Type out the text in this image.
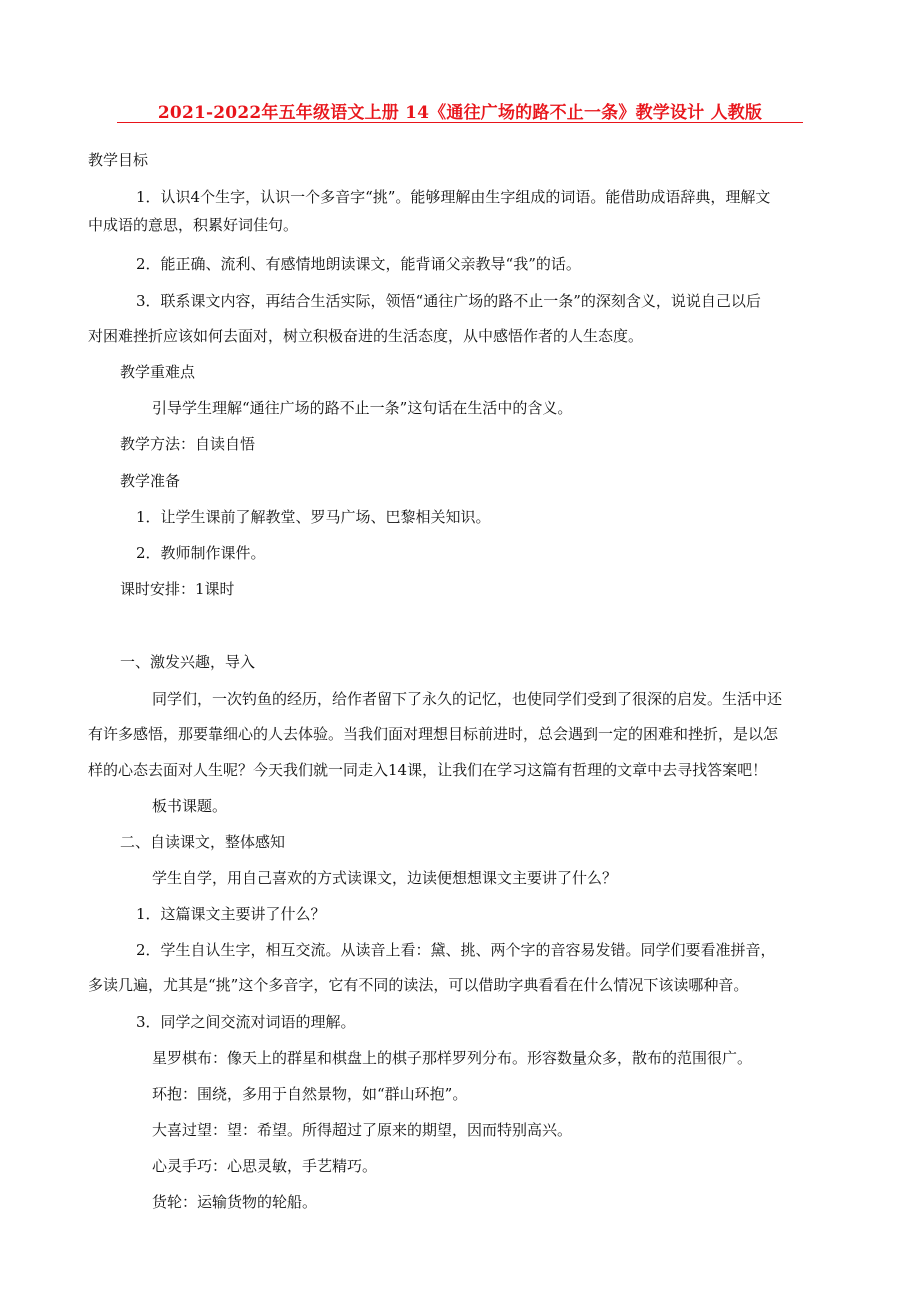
2021-2022年五年级语文上册 14《通往广场的路不止一条》教学设计 人教版
教学目标
1．认识4个生字，认识一个多音字“挑”。能够理解由生字组成的词语。能借助成语辞典，理解文
中成语的意思，积累好词佳句。
2．能正确、流利、有感情地朗读课文，能背诵父亲教导“我”的话。
3．联系课文内容，再结合生活实际，领悟“通往广场的路不止一条”的深刻含义，说说自己以后
对困难挫折应该如何去面对，树立积极奋进的生活态度，从中感悟作者的人生态度。
教学重难点
引导学生理解“通往广场的路不止一条”这句话在生活中的含义。
教学方法：自读自悟
教学准备
1．让学生课前了解教堂、罗马广场、巴黎相关知识。
2．教师制作课件。
课时安排：1课时
一、激发兴趣，导入
同学们，一次钓鱼的经历，给作者留下了永久的记忆，也使同学们受到了很深的启发。生活中还
有许多感悟，那要靠细心的人去体验。当我们面对理想目标前进时，总会遇到一定的困难和挫折，是以怎
样的心态去面对人生呢？今天我们就一同走入14课，让我们在学习这篇有哲理的文章中去寻找答案吧！
板书课题。
二、自读课文，整体感知
学生自学，用自己喜欢的方式读课文，边读便想想课文主要讲了什么？
1．这篇课文主要讲了什么？
2．学生自认生字，相互交流。从读音上看：黛、挑、两个字的音容易发错。同学们要看准拼音，
多读几遍，尤其是“挑”这个多音字，它有不同的读法，可以借助字典看看在什么情况下该读哪种音。
3．同学之间交流对词语的理解。
星罗棋布：像天上的群星和棋盘上的棋子那样罗列分布。形容数量众多，散布的范围很广。
环抱：围绕，多用于自然景物，如“群山环抱”。
大喜过望：望：希望。所得超过了原来的期望，因而特别高兴。
心灵手巧：心思灵敏，手艺精巧。
货轮：运输货物的轮船。
